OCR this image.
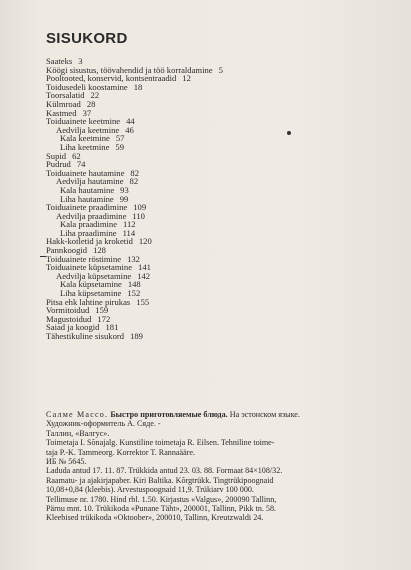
SISUKORD
Saateks 3
Köögi sisustus, töövahendid ja töö korraldamine 5
Pooltooted, konservid, kontsentraadid 12
Toidusedeli koostamine 18
Toorsalatid 22
Külmroad 28
Kastmed 37
Toiduainete keetmine 44
Aedvilja keetmine 46
Kala keetmine 57
Liha keetmine 59
Supid 62
Pudrud 74
Toiduainete hautamine 82
Aedvilja hautamine 82
Kala hautamine 93
Liha hautamine 99
Toiduainete praadimine 109
Aedvilja praadimine 110
Kala praadimine 112
Liha praadimine 114
Hakk-kotletid ja kroketid 120
Pannkoogid 128
Toiduainete röstimine 132
Toiduainete küpsetamine 141
Aedvilja küpsetamine 142
Kala küpsetamine 148
Liha küpsetamine 152
Pitsa ehk lahtine pirukas 155
Vormitoidud 159
Magustoidud 172
Saiad ja koogid 181
Tähestikuline sisukord 189
Салме Массо. Быстро приготовляемые блюда. На эстонском языке.
Художник-оформитель А. Сяде. -
Таллин, «Валгус».
Toimetaja I. Sõnajalg. Kunstiline toimetaja R. Eilsen. Tehniline toime-
taja P.-K. Tammeorg. Korrektor T. Rannaääre.
ИБ № 5645.
Laduda antud 17. 11. 87. Trükkida antud 23. 03. 88. Formaat 84×108/32.
Raamatu- ja ajakirjapaber. Kiri Baltika. Kõrgtrükk. Tingtrükipoognaid
10,08+0,84 (kleebis). Arvestuspoognaid 11,9. Trükiarv 100 000.
Tellimuse nr. 1780. Hind rbl. 1.50. Kirjastus «Valgus», 200090 Tallinn,
Pärnu mnt. 10. Trükikoda «Punane Täht», 200001, Tallinn, Pikk tn. 58.
Kleebised trükikoda «Oktoober», 200010, Tallinn, Kreutzwaldi 24.
